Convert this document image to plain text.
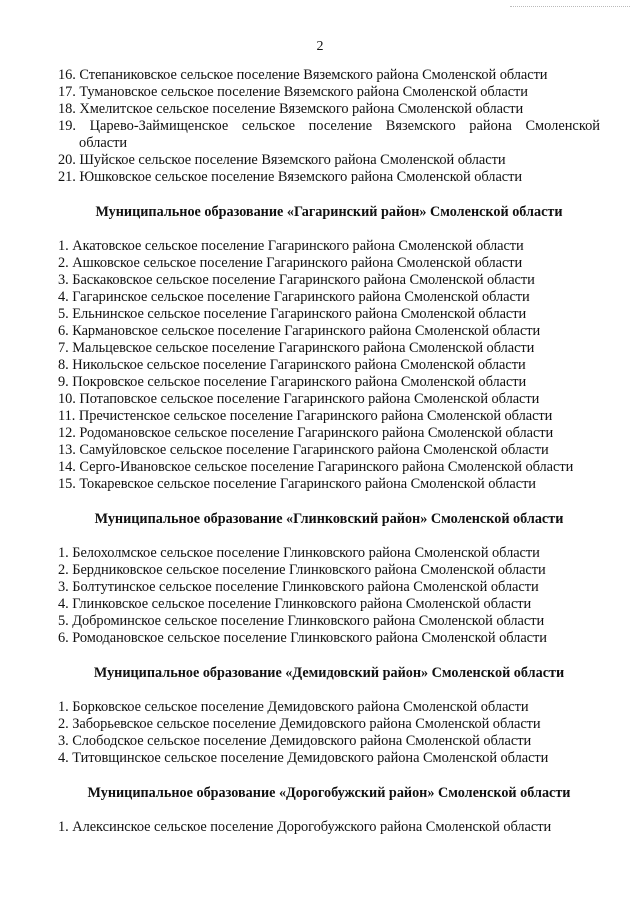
2
16. Степаниковское сельское поселение Вяземского района Смоленской области
17. Тумановское сельское поселение Вяземского района Смоленской области
18. Хмелитское сельское поселение Вяземского района Смоленской области
19. Царево-Займищенское сельское поселение Вяземского района Смоленской
области
20. Шуйское сельское поселение Вяземского района Смоленской области
21. Юшковское сельское поселение Вяземского района Смоленской области
Муниципальное образование «Гагаринский район» Смоленской области
1. Акатовское сельское поселение Гагаринского района Смоленской области
2. Ашковское сельское поселение Гагаринского района Смоленской области
3. Баскаковское сельское поселение Гагаринского района Смоленской области
4. Гагаринское сельское поселение Гагаринского района Смоленской области
5. Ельнинское сельское поселение Гагаринского района Смоленской области
6. Кармановское сельское поселение Гагаринского района Смоленской области
7. Мальцевское сельское поселение Гагаринского района Смоленской области
8. Никольское сельское поселение Гагаринского района Смоленской области
9. Покровское сельское поселение Гагаринского района Смоленской области
10. Потаповское сельское поселение Гагаринского района Смоленской области
11. Пречистенское сельское поселение Гагаринского района Смоленской области
12. Родомановское сельское поселение Гагаринского района Смоленской области
13. Самуйловское сельское поселение Гагаринского района Смоленской области
14. Серго-Ивановское сельское поселение Гагаринского района Смоленской области
15. Токаревское сельское поселение Гагаринского района Смоленской области
Муниципальное образование «Глинковский район» Смоленской области
1. Белохолмское сельское поселение Глинковского района Смоленской области
2. Бердниковское сельское поселение Глинковского района Смоленской области
3. Болтутинское сельское поселение Глинковского района Смоленской области
4. Глинковское сельское поселение Глинковского района Смоленской области
5. Доброминское сельское поселение Глинковского района Смоленской области
6. Ромодановское сельское поселение Глинковского района Смоленской области
Муниципальное образование «Демидовский район» Смоленской области
1. Борковское сельское поселение Демидовского района Смоленской области
2. Заборьевское сельское поселение Демидовского района Смоленской области
3. Слободское сельское поселение Демидовского района Смоленской области
4. Титовщинское сельское поселение Демидовского района Смоленской области
Муниципальное образование «Дорогобужский район» Смоленской области
1. Алексинское сельское поселение Дорогобужского района Смоленской области
